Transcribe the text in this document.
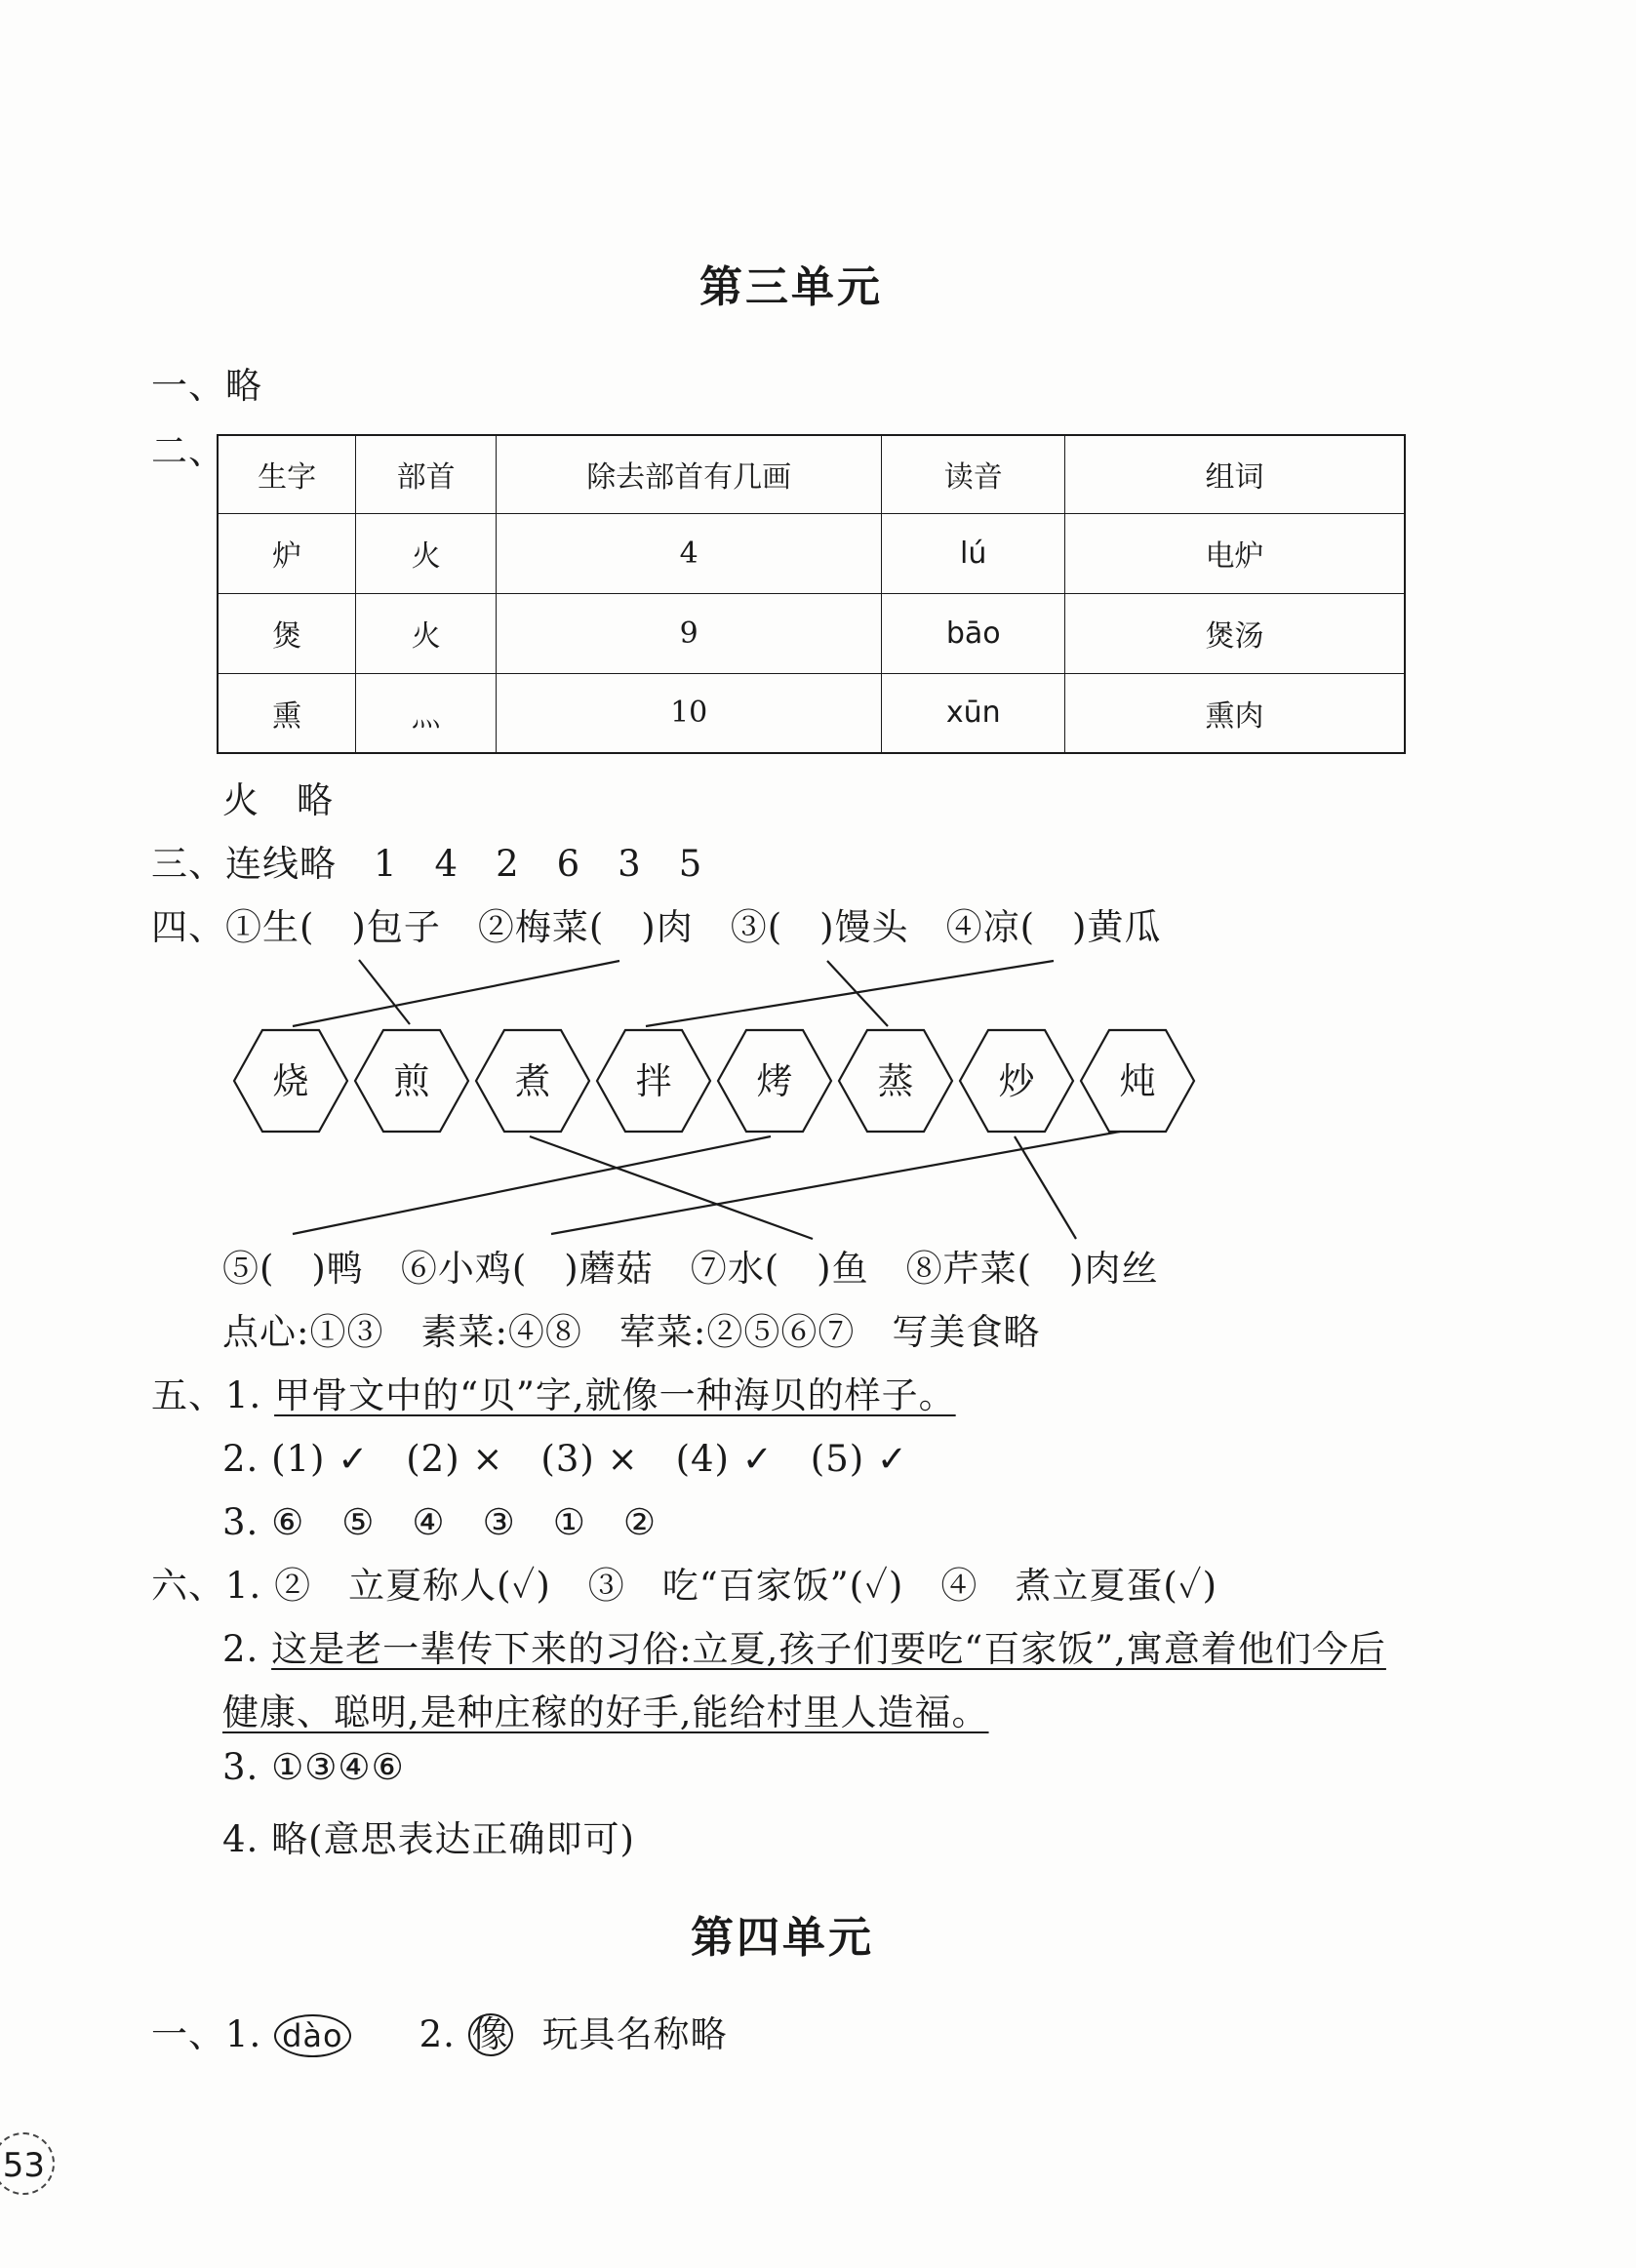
第三单元
一、略
二、
生字	部首	除去部首有几画	读音	组词
炉	火	4	lú	电炉
煲	火	9	bāo	煲汤
熏	灬	10	xūn	熏肉
火　略
三、连线略　1　4　2　6　3　5
四、①生(　)包子　②梅菜(　)肉　③(　)馒头　④凉(　)黄瓜
烧 煎 煮 拌 烤 蒸 炒 炖
⑤(　)鸭　⑥小鸡(　)蘑菇　⑦水(　)鱼　⑧芹菜(　)肉丝
点心:①③　素菜:④⑧　荤菜:②⑤⑥⑦　写美食略
五、1. 甲骨文中的“贝”字,就像一种海贝的样子。
2. (1) ✓　(2) ×　(3) ×　(4) ✓　(5) ✓
3. ⑥　⑤　④　③　①　②
六、1. ②　立夏称人(✓)　③　吃“百家饭”(✓)　④　煮立夏蛋(✓)
2. 这是老一辈传下来的习俗:立夏,孩子们要吃“百家饭”,寓意着他们今后
健康、聪明,是种庄稼的好手,能给村里人造福。
3. ①③④⑥
4. 略(意思表达正确即可)
第四单元
一、1. dào 2. 像 玩具名称略
53
